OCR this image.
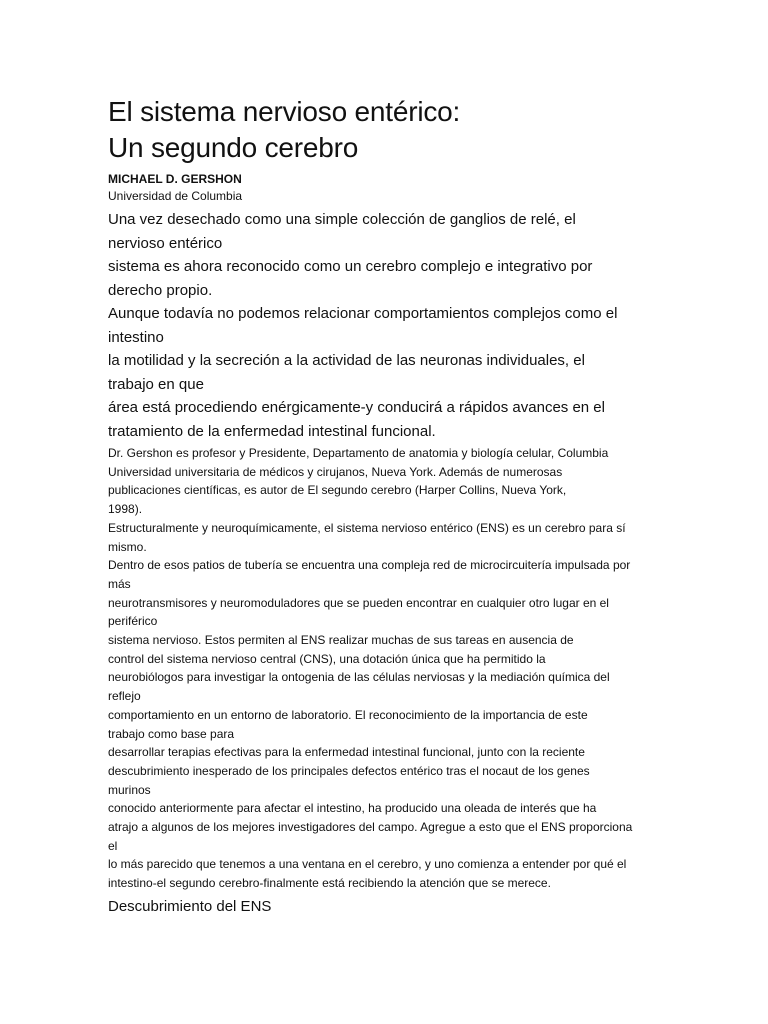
El sistema nervioso entérico:
Un segundo cerebro
MICHAEL D. GERSHON
Universidad de Columbia
Una vez desechado como una simple colección de ganglios de relé, el
nervioso entérico
sistema es ahora reconocido como un cerebro complejo e integrativo por
derecho propio.
Aunque todavía no podemos relacionar comportamientos complejos como el
intestino
la motilidad y la secreción a la actividad de las neuronas individuales, el
trabajo en que
área está procediendo enérgicamente-y conducirá a rápidos avances en el
tratamiento de la enfermedad intestinal funcional.
Dr. Gershon es profesor y Presidente, Departamento de anatomia y biología celular, Columbia
Universidad universitaria de médicos y cirujanos, Nueva York. Además de numerosas
publicaciones científicas, es autor de El segundo cerebro (Harper Collins, Nueva York,
1998).
Estructuralmente y neuroquímicamente, el sistema nervioso entérico (ENS) es un cerebro para sí
mismo.
Dentro de esos patios de tubería se encuentra una compleja red de microcircuitería impulsada por
más
neurotransmisores y neuromoduladores que se pueden encontrar en cualquier otro lugar en el
periférico
sistema nervioso. Estos permiten al ENS realizar muchas de sus tareas en ausencia de
control del sistema nervioso central (CNS), una dotación única que ha permitido la
neurobiólogos para investigar la ontogenia de las células nerviosas y la mediación química del
reflejo
comportamiento en un entorno de laboratorio. El reconocimiento de la importancia de este
trabajo como base para
desarrollar terapias efectivas para la enfermedad intestinal funcional, junto con la reciente
descubrimiento inesperado de los principales defectos entérico tras el nocaut de los genes
murinos
conocido anteriormente para afectar el intestino, ha producido una oleada de interés que ha
atrajo a algunos de los mejores investigadores del campo. Agregue a esto que el ENS proporciona
el
lo más parecido que tenemos a una ventana en el cerebro, y uno comienza a entender por qué el
intestino-el segundo cerebro-finalmente está recibiendo la atención que se merece.
Descubrimiento del ENS
